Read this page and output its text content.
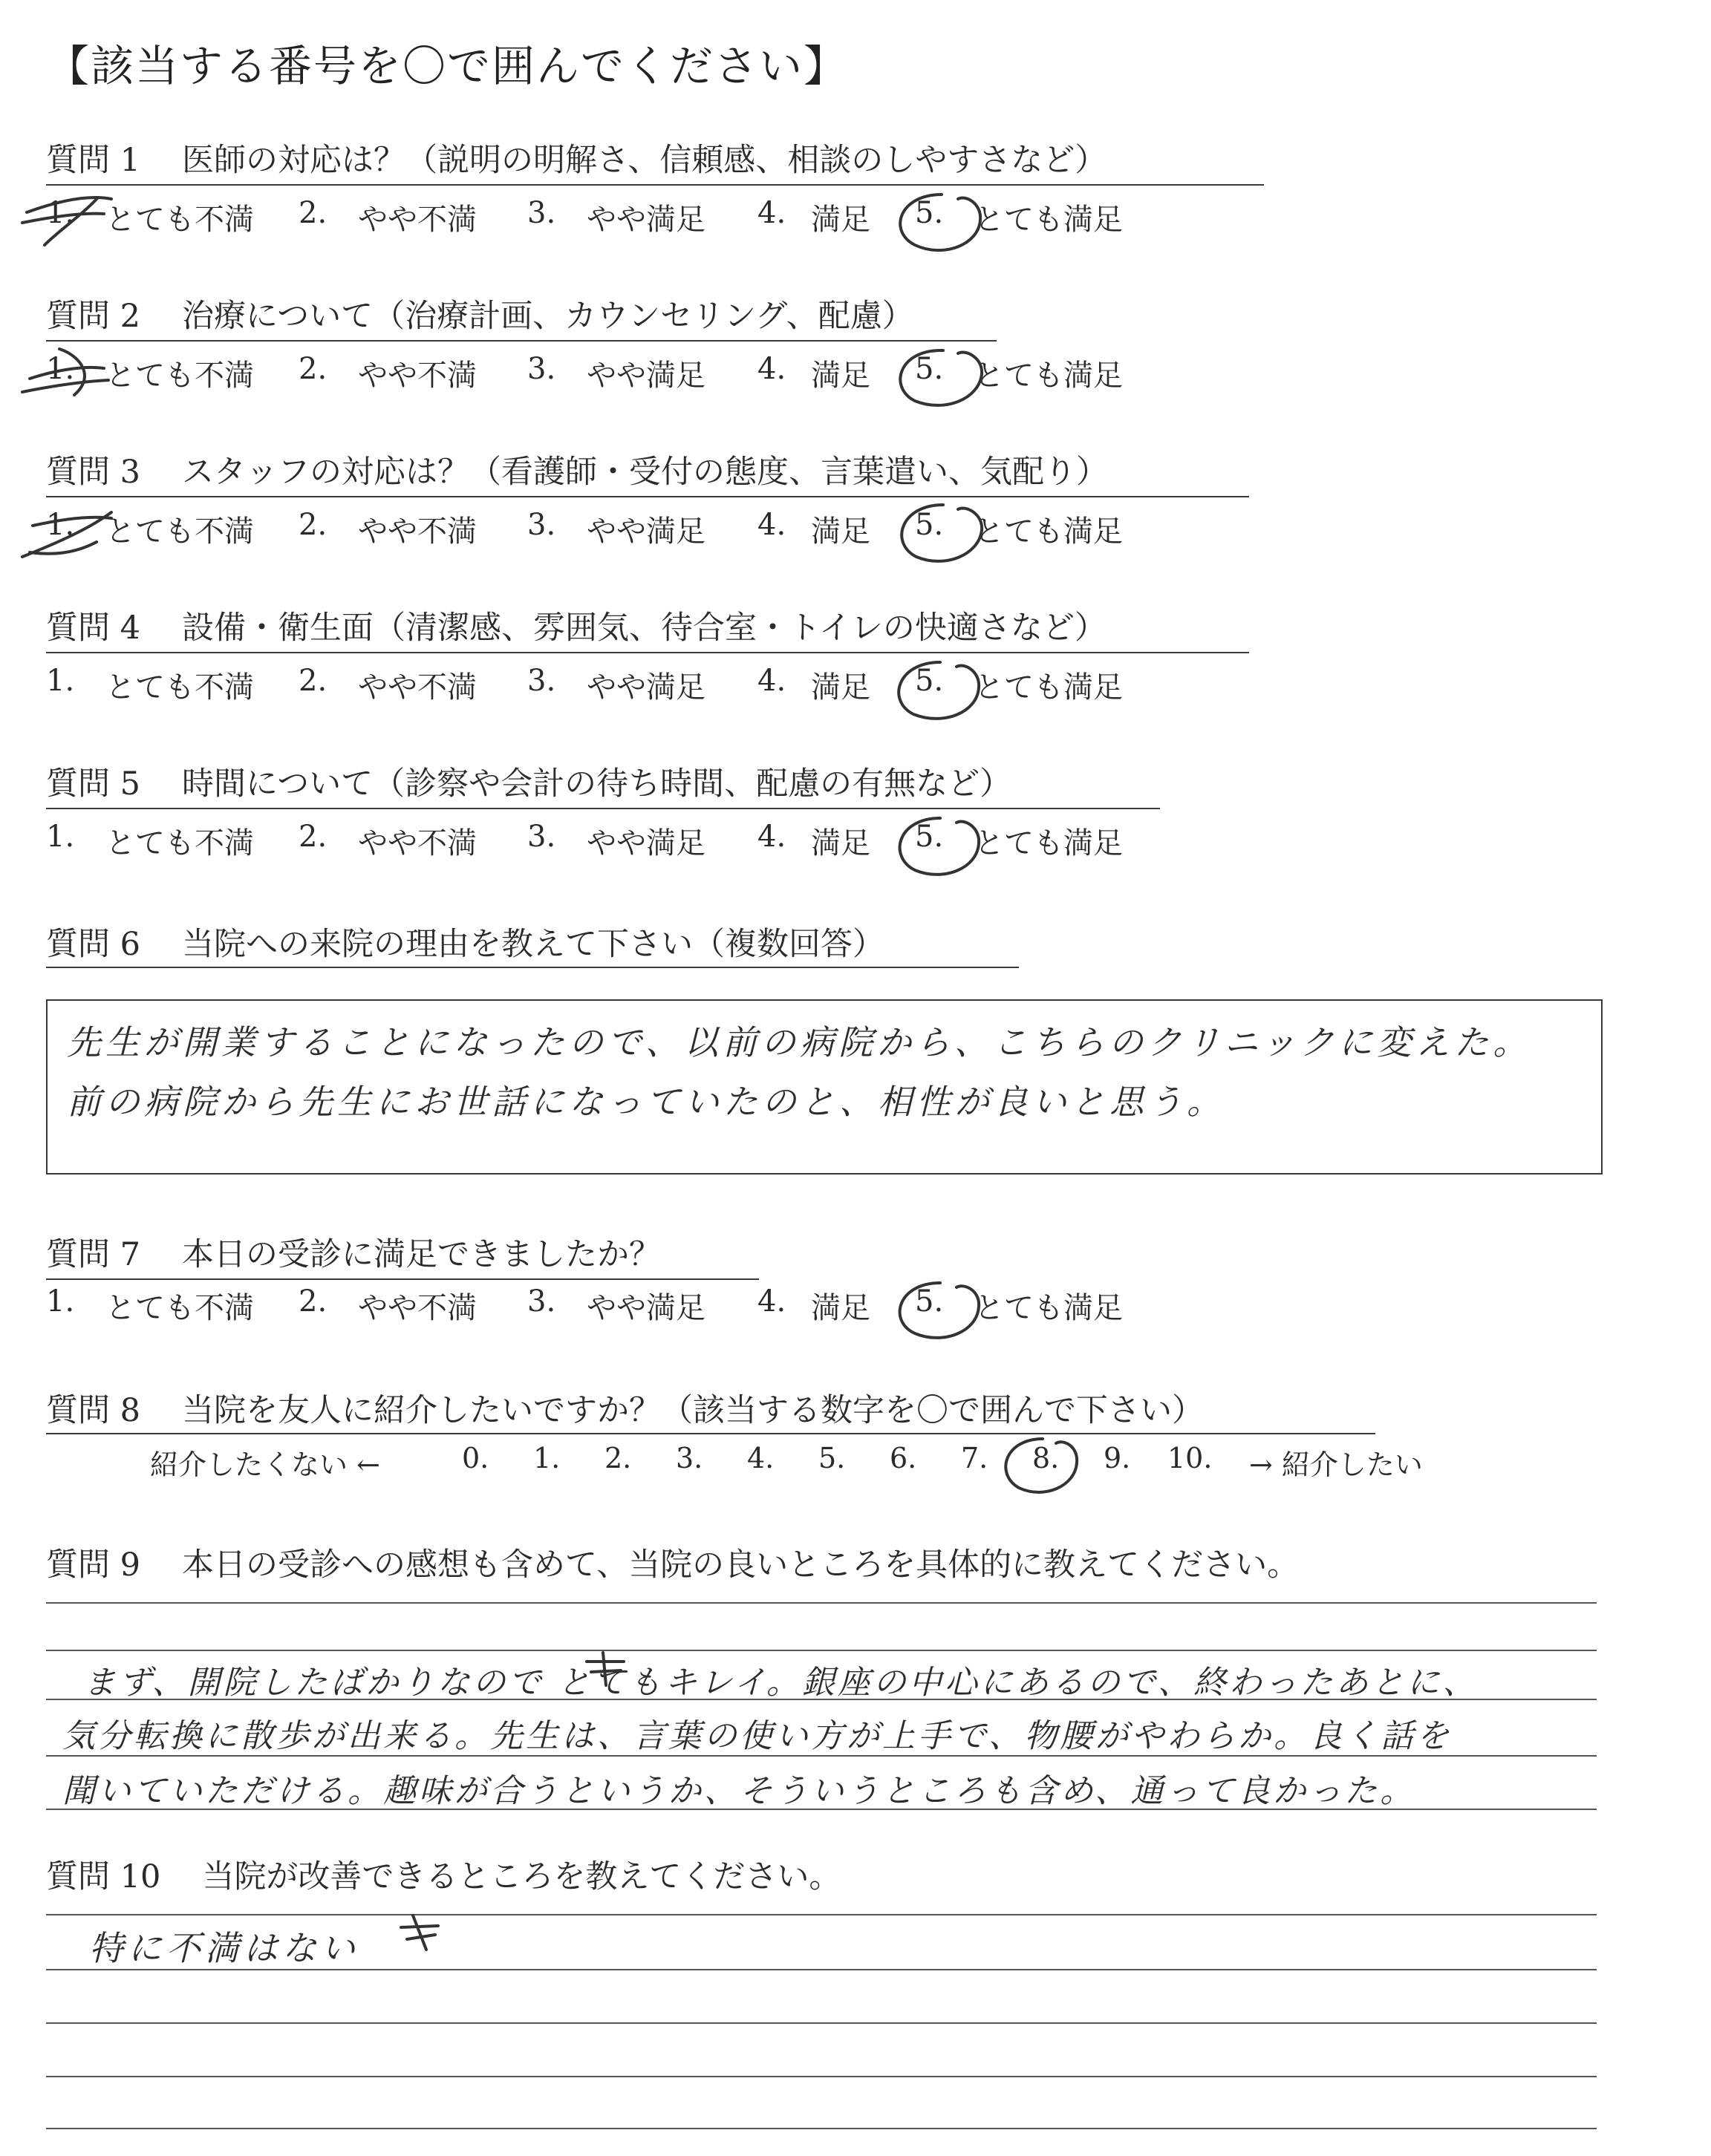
【該当する番号を〇で囲んでください】
質問 1 医師の対応は？（説明の明解さ、信頼感、相談のしやすさなど）
1. とても不満 2. やや不満 3. やや満足 4. 満足 5. とても満足
質問 2 治療について（治療計画、カウンセリング、配慮）
1. とても不満 2. やや不満 3. やや満足 4. 満足 5. とても満足
質問 3 スタッフの対応は？（看護師・受付の態度、言葉遣い、気配り）
1. とても不満 2. やや不満 3. やや満足 4. 満足 5. とても満足
質問 4 設備・衛生面（清潔感、雰囲気、待合室・トイレの快適さなど）
1. とても不満 2. やや不満 3. やや満足 4. 満足 5. とても満足
質問 5 時間について（診察や会計の待ち時間、配慮の有無など）
1. とても不満 2. やや不満 3. やや満足 4. 満足 5. とても満足
質問 6 当院への来院の理由を教えて下さい（複数回答）
先生が開業することになったので、以前の病院から、こちらのクリニックに変えた。
前の病院から先生にお世話になっていたのと、相性が良いと思う。
質問 7 本日の受診に満足できましたか？
1. とても不満 2. やや不満 3. やや満足 4. 満足 5. とても満足
質問 8 当院を友人に紹介したいですか？（該当する数字を〇で囲んで下さい）
紹介したくない ←	0. 1. 2. 3. 4. 5. 6. 7. 8. 9. 10. → 紹介したい
質問 9 本日の受診への感想も含めて、当院の良いところを具体的に教えてください。
まず、開院したばかりなので とてもキレイ。銀座の中心にあるので、終わったあとに、
気分転換に散歩が出来る。先生は、言葉の使い方が上手で、物腰がやわらか。良く話を
聞いていただける。趣味が合うというか、そういうところも含め、通って良かった。
質問 10 当院が改善できるところを教えてください。
特に不満はない
